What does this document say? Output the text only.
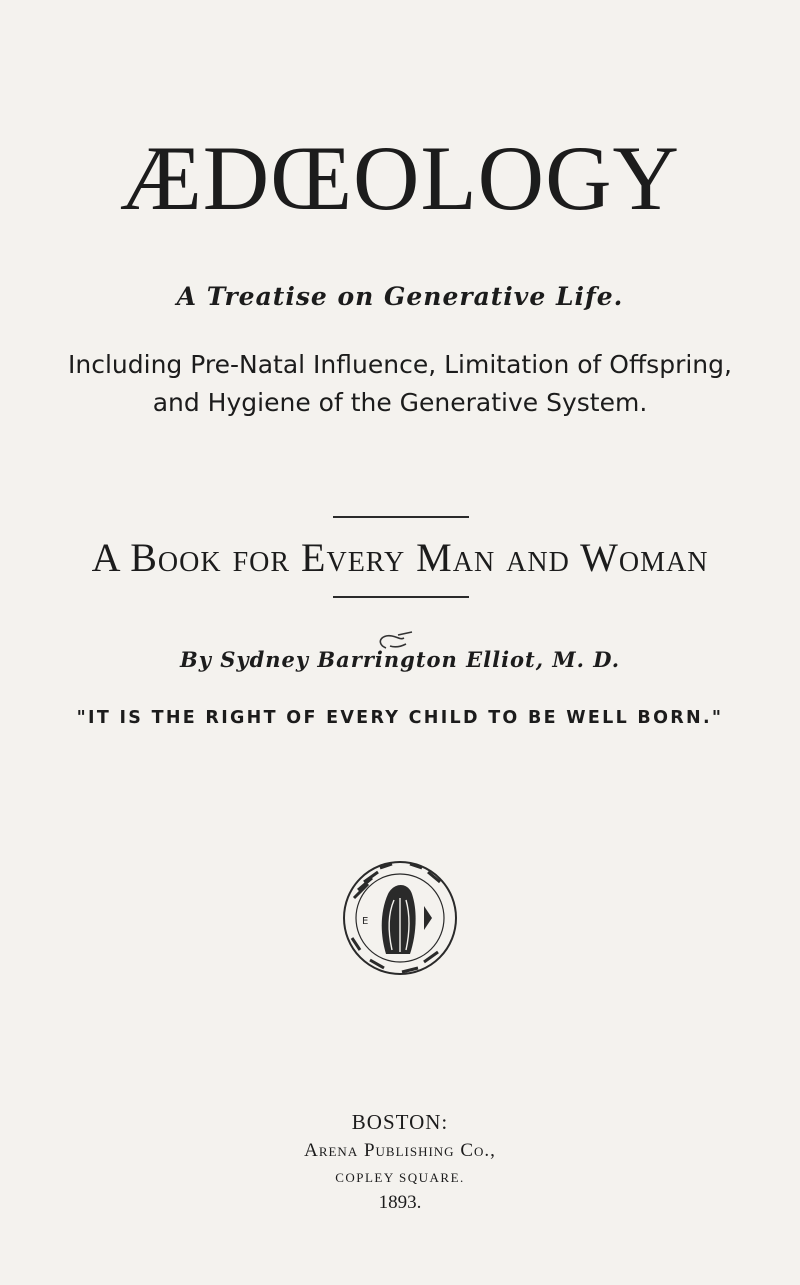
ÆDŒOLOGY
A Treatise on Generative Life.
Including Pre-Natal Influence, Limitation of Offspring,
and Hygiene of the Generative System.
A Book for Every Man and Woman
By Sydney Barrington Elliot, M. D.
"IT IS THE RIGHT OF EVERY CHILD TO BE WELL BORN."
E
BOSTON:
Arena Publishing Co.,
COPLEY SQUARE.
1893.
